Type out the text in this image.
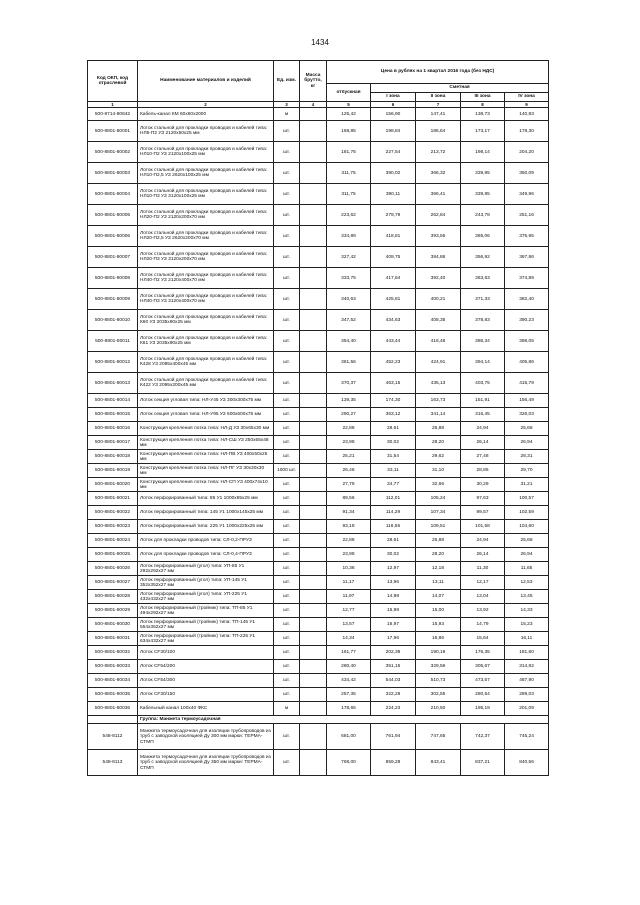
1434
Код ОКП, код отраслевой	Наименование материалов и изделий	Ед. изм.	Масса брутто, кг	Цена в рублях на 1 квартал 2016 года (без НДС)				
				отпускная	Сметная			
					I зона	II зона	III зона	IV зона
1	2	3	4	5	6	7	8	9
500-8714-80642	Кабель-канал КМ 60х60х2000	м		125,42	156,90	147,41	138,73	140,83
500-8801-80001	Лоток стальной для прокладки проводов и кабелей типа: НЛ5-П2 УЗ 2120х50х25 мм	шт.		158,85	198,84	186,64	173,17	178,30
500-8801-80002	Лоток стальной для прокладки проводов и кабелей типа: НЛ10-П2 УЗ 2120х100х25 мм	шт.		181,76	227,54	213,72	198,14	204,20
500-8801-80003	Лоток стальной для прокладки проводов и кабелей типа: НЛ10-П2,5 УЗ 2620х100х25 мм	шт.		311,75	390,02	366,32	339,85	350,09
500-8801-80004	Лоток стальной для прокладки проводов и кабелей типа: НЛ10-П3 УЗ 3120х100х25 мм	шт.		311,75	390,11	366,41	339,85	349,96
500-8801-80005	Лоток стальной для прокладки проводов и кабелей типа: НЛ20-П2 УЗ 2120х200х70 мм	шт.		223,62	279,79	262,84	243,78	251,16
500-8801-80006	Лоток стальной для прокладки проводов и кабелей типа: НЛ20-П2,5 УЗ 2620х200х70 мм	шт.		334,89	418,81	393,55	365,06	375,95
500-8801-80007	Лоток стальной для прокладки проводов и кабелей типа: НЛ20-П3 УЗ 3120х200х70 мм	шт.		327,42	409,75	384,86	356,92	367,86
500-8801-80008	Лоток стальной для прокладки проводов и кабелей типа: НЛ40-П2 УЗ 2120х400х70 мм	шт.		333,75	417,64	392,40	363,63	374,89
500-8801-80009	Лоток стальной для прокладки проводов и кабелей типа: НЛ40-П3 УЗ 3120х400х70 мм	шт.		340,63	425,81	400,21	371,33	382,40
500-8801-80010	Лоток стальной для прокладки проводов и кабелей типа: К60 УЗ 2035х90х25 мм	шт.		347,52	434,63	408,35	378,83	390,23
500-8801-80011	Лоток стальной для прокладки проводов и кабелей типа: К61 УЗ 2035х90х25 мм	шт.		354,40	443,44	416,48	386,34	398,05
500-8801-80012	Лоток стальной для прокладки проводов и кабелей типа: К428 УЗ 2095х400х45 мм	шт.		361,56	452,23	424,91	394,14	405,86
500-8801-80013	Лоток стальной для прокладки проводов и кабелей типа: К422 УЗ 2095х200х45 мм	шт.		370,37	463,15	435,13	403,75	415,79
500-8801-80014	Лоток секция угловая типа: НЛ-У45 УЗ 300х300х75 мм	шт.		139,35	174,30	163,73	151,91	156,49
500-8801-80015	Лоток секция угловая типа: НЛ-У95 УЗ 600х600х75 мм	шт.		290,27	363,12	341,14	316,45	326,03
500-8801-80016	Конструкция крепления лотка типа: НЛ-Д УЗ 30х65х30 мм	шт.		22,88	28,61	26,88	24,94	25,68
500-8801-80017	Конструкция крепления лотка типа: НЛ-СШ УЗ 250х65х48 мм	шт.		23,98	30,02	28,20	26,14	26,94
500-8801-80018	Конструкция крепления лотка типа: НЛ-ПВ УЗ 400х50х25 мм	шт.		25,21	31,54	29,62	27,48	28,31
500-8801-80019	Конструкция крепления лотка типа: НЛ-ПГ УЗ 30х30х30 мм	1000 шт.		26,46	33,11	31,10	28,85	29,70
500-8801-80020	Конструкция крепления лотка типа: НЛ-СП УЗ 400х74х10 мм	шт.		27,79	34,77	32,66	30,29	31,21
500-8801-80021	Лоток перфорированный типа: 85 У1 1000х85х25 мм	шт.		89,56	112,01	105,24	97,63	100,57
500-8801-80022	Лоток перфорированный типа: 145 У1 1000х145х25 мм	шт.		91,34	114,29	107,34	99,57	102,59
500-8801-80023	Лоток перфорированный типа: 225 У1 1000х225х25 мм	шт.		93,18	116,55	109,51	101,58	104,60
500-8801-80024	Лоток для прокладки проводов типа: СЛ-0,2-ПРУЗ	шт.		22,88	28,61	26,88	24,94	25,68
500-8801-80025	Лоток для прокладки проводов типа: СЛ-0,4-ПРУЗ	шт.		23,98	30,02	28,20	26,14	26,94
500-8801-80026	Лоток перфорированный (угол) типа: УП-85 У1 292х292х27 мм	шт.		10,36	12,97	12,18	11,30	11,65
500-8801-80027	Лоток перфорированный (угол) типа: УП-145 У1 352х352х27 мм	шт.		11,17	13,96	13,11	12,17	12,53
500-8801-80028	Лоток перфорированный (угол) типа: УП-225 У1 432х432х27 мм	шт.		11,97	14,98	14,07	13,04	13,45
500-8801-80029	Лоток перфорированный (тройник) типа: ТП-85 У1 494х292х27 мм	шт.		12,77	15,98	15,00	13,92	14,33
500-8801-80030	Лоток перфорированный (тройник) типа: ТП-145 У1 554х352х27 мм	шт.		13,57	16,97	15,93	14,79	15,23
500-8801-80031	Лоток перфорированный (тройник) типа: ТП-225 У1 634х432х27 мм	шт.		14,34	17,96	16,86	15,64	16,11
500-8801-80032	Лоток CF30/100	шт.		161,77	202,39	190,19	176,35	181,60
500-8801-80033	Лоток CF54/200	шт.		280,40	351,15	329,56	305,67	314,92
500-8801-80034	Лоток CF54/300	шт.		434,42	544,03	510,73	473,57	487,90
500-8801-80035	Лоток CF30/150	шт.		257,35	322,28	302,55	280,54	289,03
500-8801-80036	Кабельный канал 100х40 ФКС	м		178,65	224,23	210,50	195,19	201,09
	Группа: Манжета термоусадочная							
548-8112	Манжета термоусадочная для изоляции трубопроводов из труб с заводской изоляцией Ду 300 мм марки: ТЕРМА-СТМП	шт.		681,00	761,94	747,65	742,37	745,24
548-8113	Манжета термоусадочная для изоляции трубопроводов из труб с заводской изоляцией Ду 350 мм марки: ТЕРМА-СТМП	шт.		768,00	859,28	843,41	837,21	840,56
